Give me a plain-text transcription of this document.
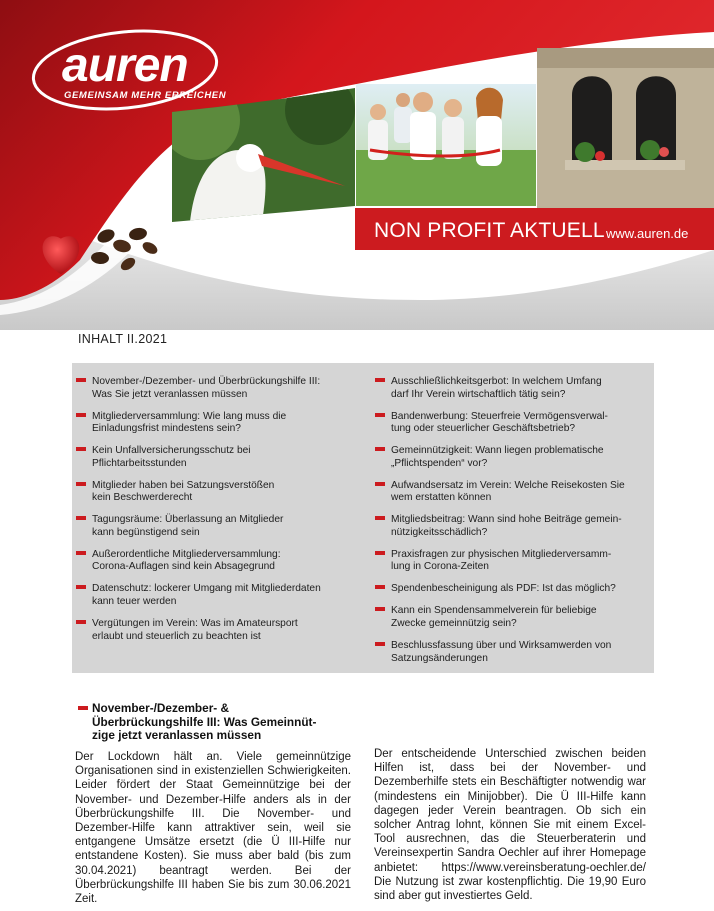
auren
GEMEINSAM MEHR ERREICHEN
NON PROFIT AKTUELL www.auren.de
INHALT II.2021
November-/Dezember- und Überbrückungshilfe III:
Was Sie jetzt veranlassen müssen
Mitgliederversammlung: Wie lang muss die
Einladungsfrist mindestens sein?
Kein Unfallversicherungsschutz bei
Pflichtarbeitsstunden
Mitglieder haben bei Satzungsverstößen
kein Beschwerderecht
Tagungsräume: Überlassung an Mitglieder
kann begünstigend sein
Außerordentliche Mitgliederversammlung:
Corona-Auflagen sind kein Absagegrund
Datenschutz: lockerer Umgang mit Mitgliederdaten
kann teuer werden
Vergütungen im Verein: Was im Amateursport
erlaubt und steuerlich zu beachten ist
Ausschließlichkeitsgerbot: In welchem Umfang
darf Ihr Verein wirtschaftlich tätig sein?
Bandenwerbung: Steuerfreie Vermögensverwal-
tung oder steuerlicher Geschäftsbetrieb?
Gemeinnützigkeit: Wann liegen problematische
„Pflichtspenden“ vor?
Aufwandsersatz im Verein: Welche Reisekosten Sie
wem erstatten können
Mitgliedsbeitrag: Wann sind hohe Beiträge gemein-
nützigkeitsschädlich?
Praxisfragen zur physischen Mitgliederversamm-
lung in Corona-Zeiten
Spendenbescheinigung als PDF: Ist das möglich?
Kann ein Spendensammelverein für beliebige
Zwecke gemeinnützig sein?
Beschlussfassung über und Wirksamwerden von
Satzungsänderungen
November-/Dezember- &
Überbrückungshilfe III: Was Gemeinnüt-
zige jetzt veranlassen müssen
Der Lockdown hält an. Viele gemeinnützige Organisationen sind in existenziellen Schwierigkeiten. Leider fördert der Staat Gemeinnützige bei der November- und Dezember-Hilfe anders als in der Überbrückungshilfe III. Die November- und Dezember-Hilfe kann attraktiver sein, weil sie entgangene Umsätze ersetzt (die Ü III-Hilfe nur entstandene Kosten). Sie muss aber bald (bis zum 30.04.2021) beantragt werden. Bei der Überbrückungshilfe III haben Sie bis zum 30.06.2021 Zeit.
Der entscheidende Unterschied zwischen beiden Hilfen ist, dass bei der November- und Dezemberhilfe stets ein Beschäftigter notwendig war (mindestens ein Minijobber). Die Ü III-Hilfe kann dagegen jeder Verein beantragen. Ob sich ein solcher Antrag lohnt, können Sie mit einem Excel-Tool ausrechnen, das die Steuerberaterin und Vereinsexpertin Sandra Oechler auf ihrer Homepage anbietet: https://www.vereinsberatung-oechler.de/ Die Nutzung ist zwar kostenpflichtig. Die 19,90 Euro sind aber gut investiertes Geld.
